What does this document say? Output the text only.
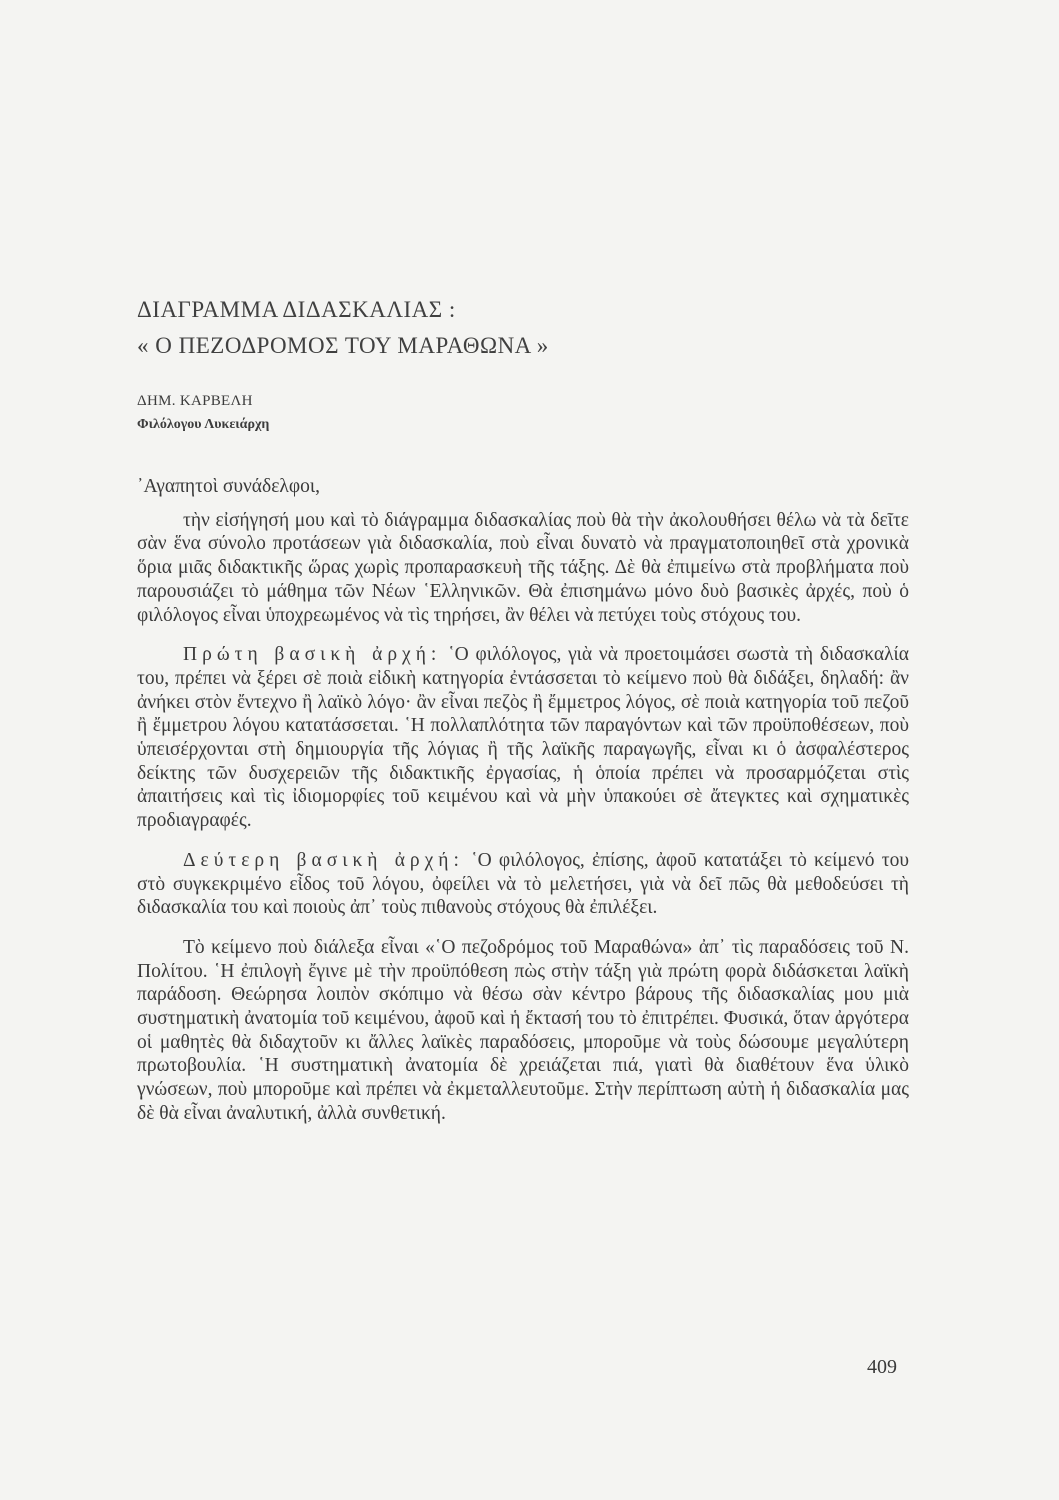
ΔΙΑΓΡΑΜΜΑ ΔΙΔΑΣΚΑΛΙΑΣ :
« Ο ΠΕΖΟΔΡΟΜΟΣ ΤΟΥ ΜΑΡΑΘΩΝΑ »
ΔΗΜ. ΚΑΡΒΕΛΗ
Φιλόλογου Λυκειάρχη

᾿Αγαπητοὶ συνάδελφοι,

τὴν εἰσήγησή μου καὶ τὸ διάγραμμα διδασκαλίας ποὺ θὰ τὴν ἀκολουθήσει θέλω νὰ τὰ δεῖτε σὰν ἕνα σύνολο προτάσεων γιὰ διδασκαλία, ποὺ εἶναι δυνατὸ νὰ πραγματοποιηθεῖ στὰ χρονικὰ ὅρια μιᾶς διδακτικῆς ὥρας χωρὶς προπαρασκευὴ τῆς τάξης. Δὲ θὰ ἐπιμείνω στὰ προβλήματα ποὺ παρουσιάζει τὸ μάθημα τῶν Νέων ῾Ελληνικῶν. Θὰ ἐπισημάνω μόνο δυὸ βασικὲς ἀρχές, ποὺ ὁ φιλόλογος εἶναι ὑποχρεωμένος νὰ τὶς τηρήσει, ἂν θέλει νὰ πετύχει τοὺς στόχους του.

Πρώτη βασικὴ ἀρχή: ῾Ο φιλόλογος, γιὰ νὰ προετοιμάσει σωστὰ τὴ διδασκαλία του, πρέπει νὰ ξέρει σὲ ποιὰ εἰδικὴ κατηγορία ἐντάσσεται τὸ κείμενο ποὺ θὰ διδάξει, δηλαδή: ἂν ἀνήκει στὸν ἔντεχνο ἢ λαϊκὸ λόγο· ἂν εἶναι πεζὸς ἢ ἔμμετρος λόγος, σὲ ποιὰ κατηγορία τοῦ πεζοῦ ἢ ἔμμετρου λόγου κατατάσσεται. ῾Η πολλαπλότητα τῶν παραγόντων καὶ τῶν προϋποθέσεων, ποὺ ὑπεισέρχονται στὴ δημιουργία τῆς λόγιας ἢ τῆς λαϊκῆς παραγωγῆς, εἶναι κι ὁ ἀσφαλέστερος δείκτης τῶν δυσχερειῶν τῆς διδακτικῆς ἐργασίας, ἡ ὁποία πρέπει νὰ προσαρμόζεται στὶς ἀπαιτήσεις καὶ τὶς ἰδιομορφίες τοῦ κειμένου καὶ νὰ μὴν ὑπακούει σὲ ἄτεγκτες καὶ σχηματικὲς προδιαγραφές.

Δεύτερη βασικὴ ἀρχή: ῾Ο φιλόλογος, ἐπίσης, ἀφοῦ κατατάξει τὸ κείμενό του στὸ συγκεκριμένο εἶδος τοῦ λόγου, ὀφείλει νὰ τὸ μελετήσει, γιὰ νὰ δεῖ πῶς θὰ μεθοδεύσει τὴ διδασκαλία του καὶ ποιοὺς ἀπ᾿ τοὺς πιθανοὺς στόχους θὰ ἐπιλέξει.

Τὸ κείμενο ποὺ διάλεξα εἶναι «῾Ο πεζοδρόμος τοῦ Μαραθώνα» ἀπ᾿ τὶς παραδόσεις τοῦ Ν. Πολίτου. ῾Η ἐπιλογὴ ἔγινε μὲ τὴν προϋπόθεση πὼς στὴν τάξη γιὰ πρώτη φορὰ διδάσκεται λαϊκὴ παράδοση. Θεώρησα λοιπὸν σκόπιμο νὰ θέσω σὰν κέντρο βάρους τῆς διδασκαλίας μου μιὰ συστηματικὴ ἀνατομία τοῦ κειμένου, ἀφοῦ καὶ ἡ ἔκτασή του τὸ ἐπιτρέπει. Φυσικά, ὅταν ἀργότερα οἱ μαθητὲς θὰ διδαχτοῦν κι ἄλλες λαϊκὲς παραδόσεις, μποροῦμε νὰ τοὺς δώσουμε μεγαλύτερη πρωτοβουλία. ῾Η συστηματικὴ ἀνατομία δὲ χρειάζεται πιά, γιατὶ θὰ διαθέτουν ἕνα ὑλικὸ γνώσεων, ποὺ μποροῦμε καὶ πρέπει νὰ ἐκμεταλλευτοῦμε. Στὴν περίπτωση αὐτὴ ἡ διδασκαλία μας δὲ θὰ εἶναι ἀναλυτική, ἀλλὰ συνθετική.

409
